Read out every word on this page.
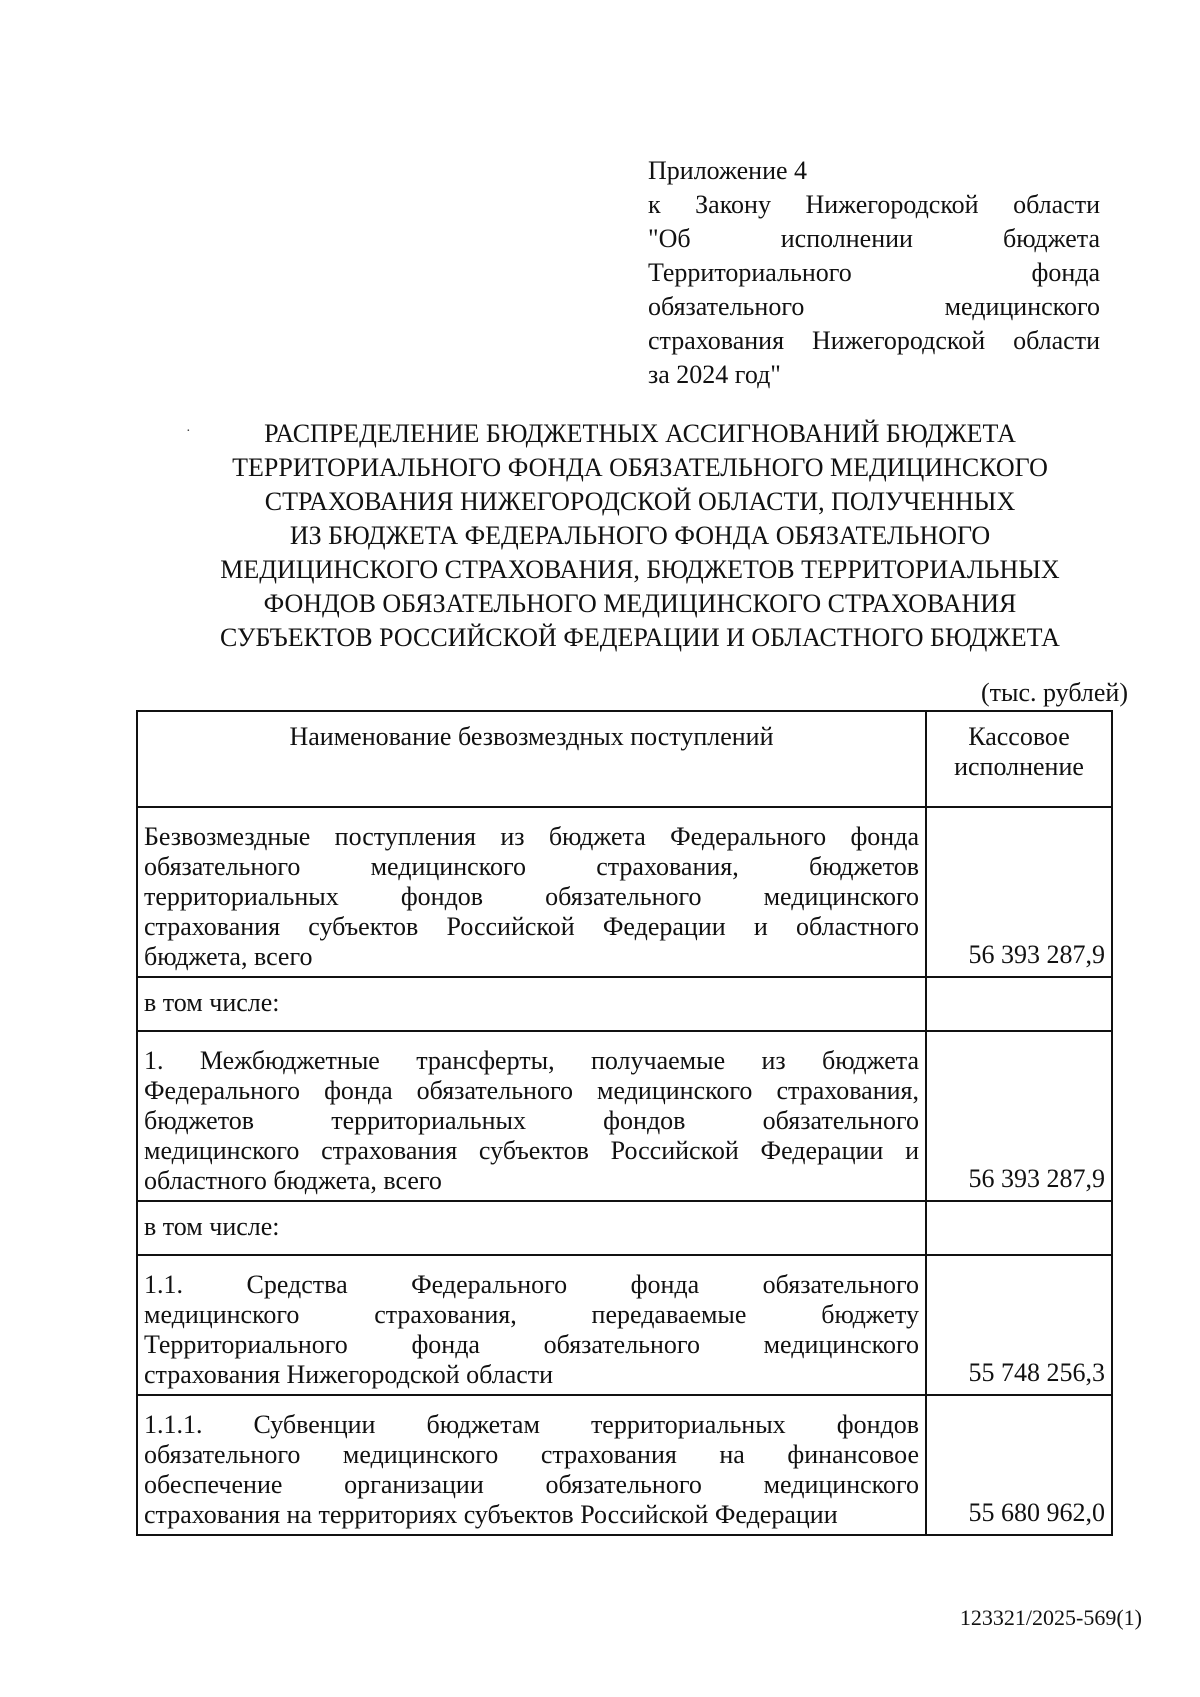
Приложение 4
к Закону Нижегородской области
"Об исполнении бюджета
Территориального фонда
обязательного медицинского
страхования Нижегородской области
за 2024 год"
·	РАСПРЕДЕЛЕНИЕ БЮДЖЕТНЫХ АССИГНОВАНИЙ БЮДЖЕТА
ТЕРРИТОРИАЛЬНОГО ФОНДА ОБЯЗАТЕЛЬНОГО МЕДИЦИНСКОГО
СТРАХОВАНИЯ НИЖЕГОРОДСКОЙ ОБЛАСТИ, ПОЛУЧЕННЫХ
ИЗ БЮДЖЕТА ФЕДЕРАЛЬНОГО ФОНДА ОБЯЗАТЕЛЬНОГО
МЕДИЦИНСКОГО СТРАХОВАНИЯ, БЮДЖЕТОВ ТЕРРИТОРИАЛЬНЫХ
ФОНДОВ ОБЯЗАТЕЛЬНОГО МЕДИЦИНСКОГО СТРАХОВАНИЯ
СУБЪЕКТОВ РОССИЙСКОЙ ФЕДЕРАЦИИ И ОБЛАСТНОГО БЮДЖЕТА
(тыс. рублей)
Наименование безвозмездных поступлений	Кассовое
исполнение

Безвозмездные поступления из бюджета Федерального фонда
обязательного медицинского страхования, бюджетов
территориальных фондов обязательного медицинского
страхования субъектов Российской Федерации и областного
бюджета, всего	56 393 287,9

в том числе:	

1. Межбюджетные трансферты, получаемые из бюджета
Федерального фонда обязательного медицинского страхования,
бюджетов территориальных фондов обязательного
медицинского страхования субъектов Российской Федерации и
областного бюджета, всего	56 393 287,9

в том числе:	

1.1. Средства Федерального фонда обязательного
медицинского страхования, передаваемые бюджету
Территориального фонда обязательного медицинского
страхования Нижегородской области	55 748 256,3

1.1.1. Субвенции бюджетам территориальных фондов
обязательного медицинского страхования на финансовое
обеспечение организации обязательного медицинского
страхования на территориях субъектов Российской Федерации	55 680 962,0
123321/2025-569(1)
